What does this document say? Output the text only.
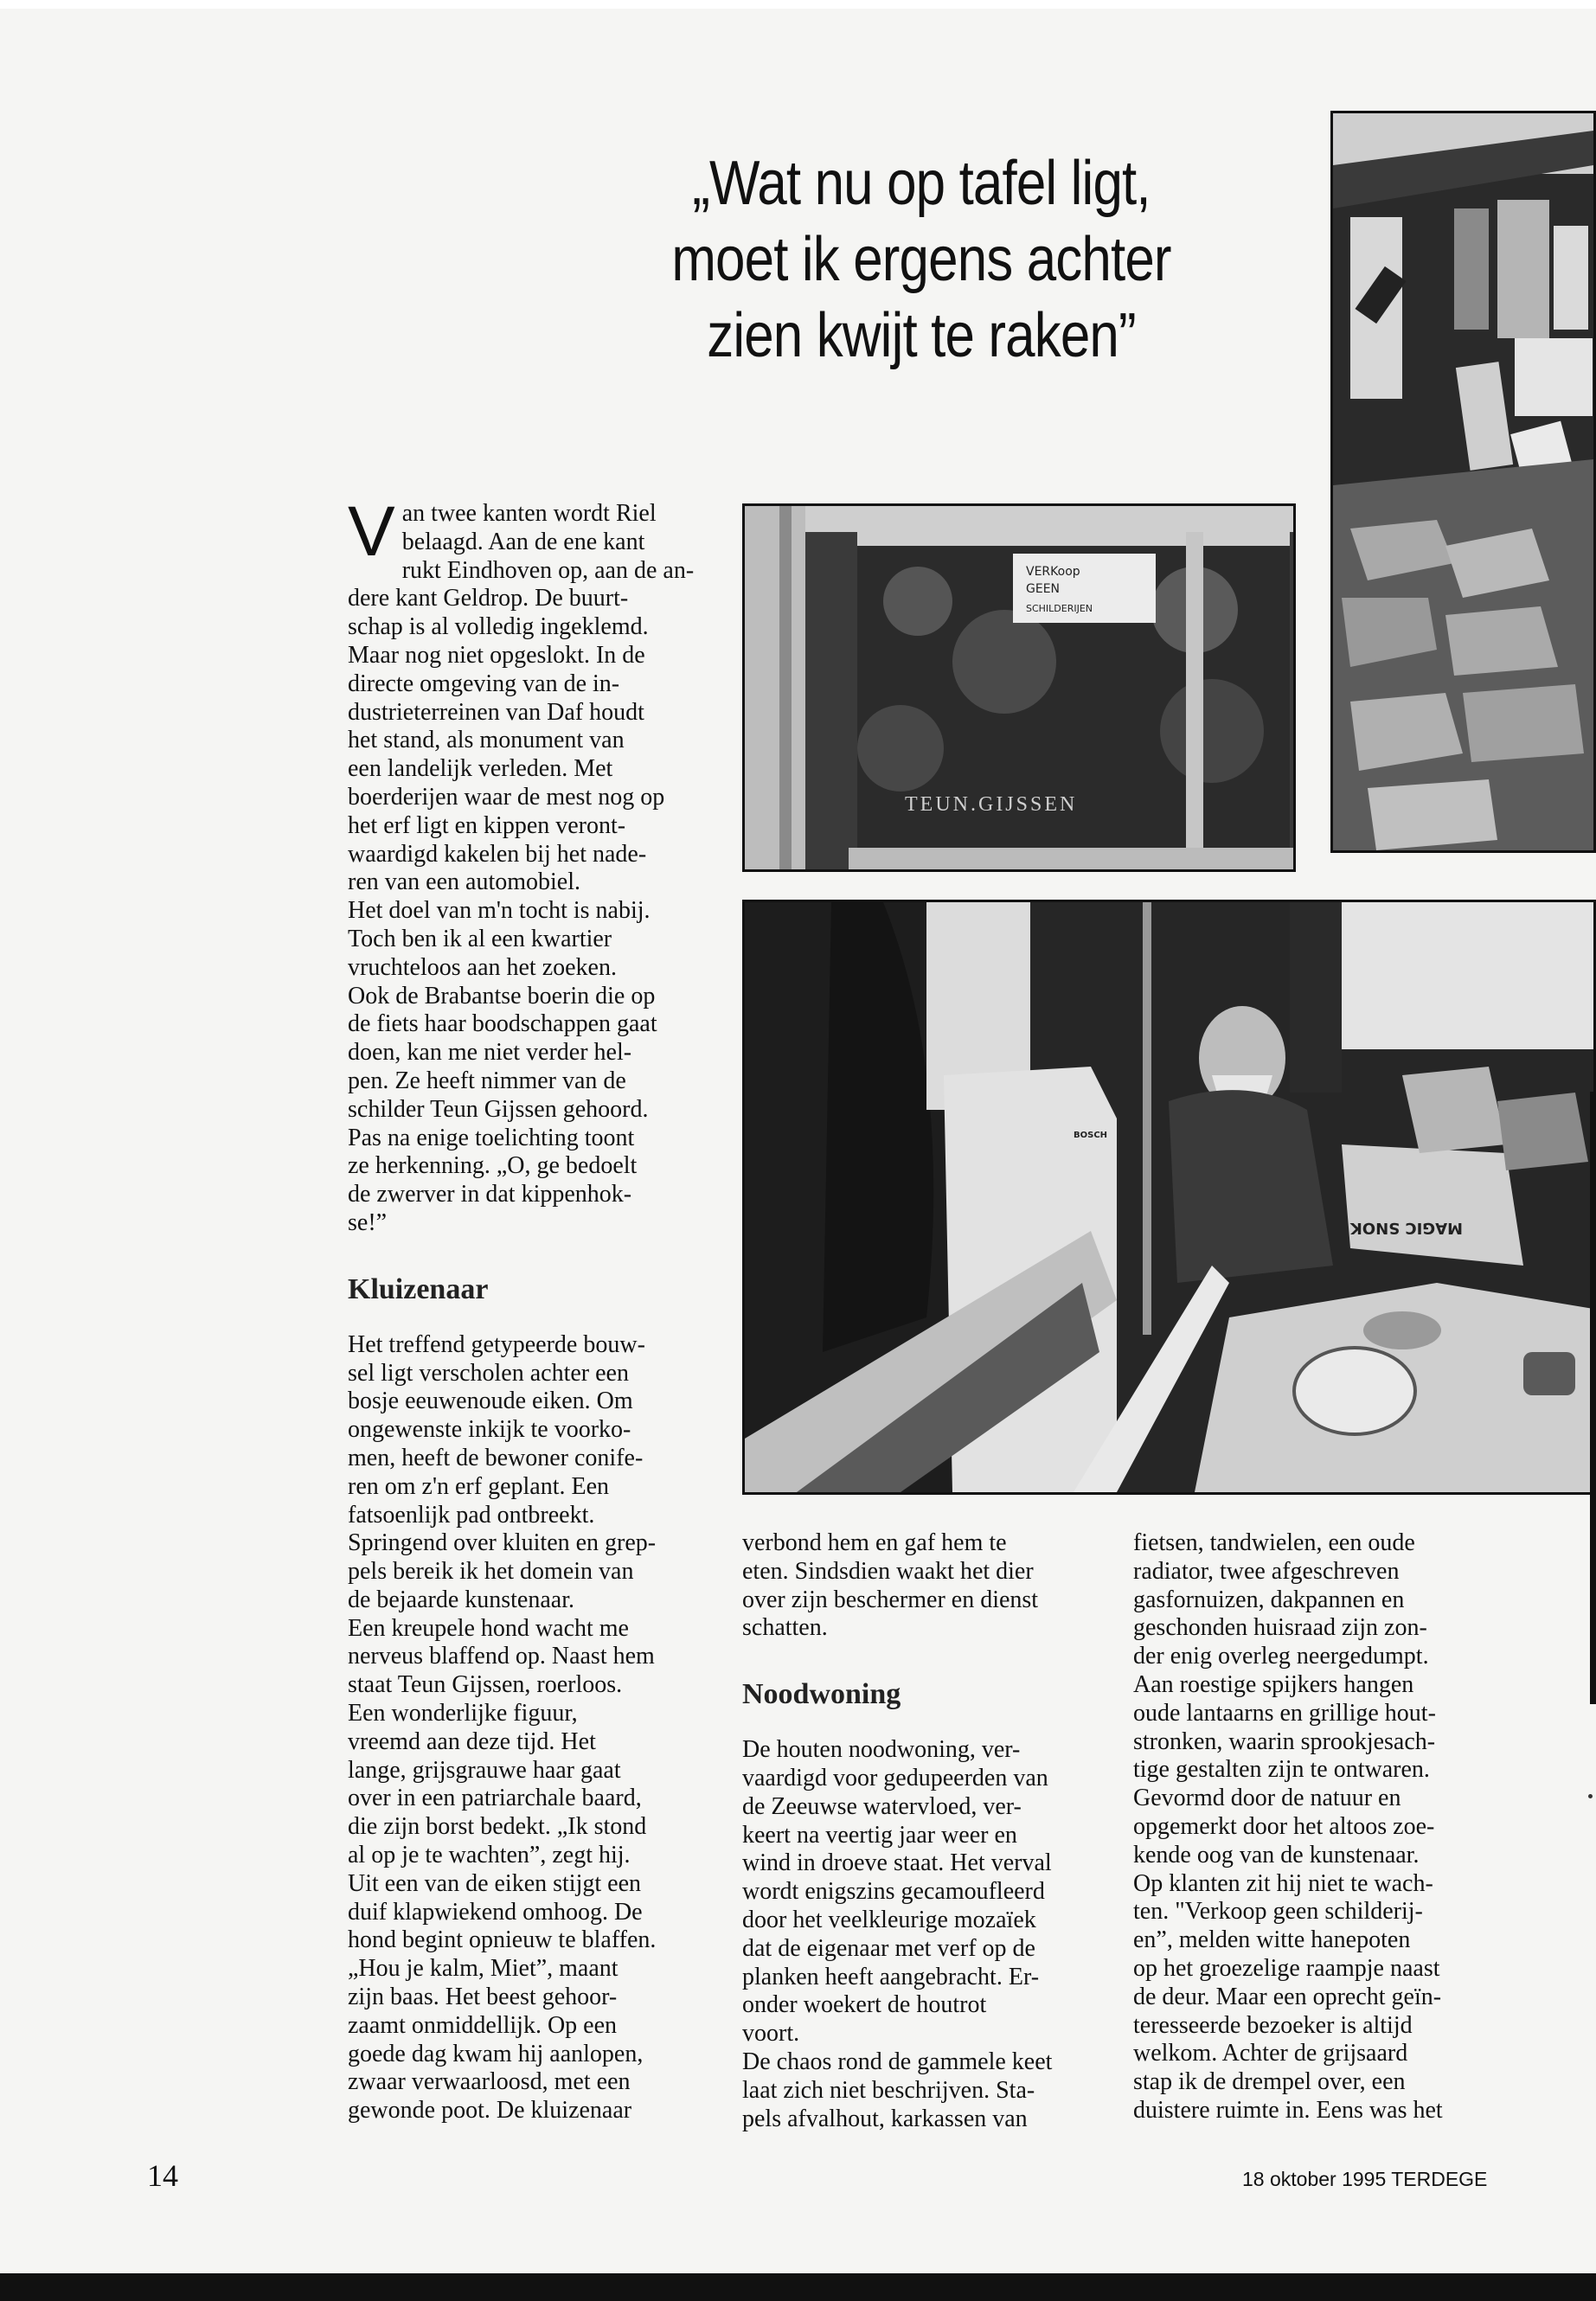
„Wat nu op tafel ligt,
moet ik ergens achter
zien kwijt te raken”
VERKoop
GEEN
SCHILDERIJEN
TEUN.GIJSSEN
BOSCH
MAGIC SNOK
V an twee kanten wordt Riel
belaagd. Aan de ene kant
rukt Eindhoven op, aan de an-
dere kant Geldrop. De buurt-
schap is al volledig ingeklemd.
Maar nog niet opgeslokt. In de
directe omgeving van de in-
dustrieterreinen van Daf houdt
het stand, als monument van
een landelijk verleden. Met
boerderijen waar de mest nog op
het erf ligt en kippen veront-
waardigd kakelen bij het nade-
ren van een automobiel.
Het doel van m'n tocht is nabij.
Toch ben ik al een kwartier
vruchteloos aan het zoeken.
Ook de Brabantse boerin die op
de fiets haar boodschappen gaat
doen, kan me niet verder hel-
pen. Ze heeft nimmer van de
schilder Teun Gijssen gehoord.
Pas na enige toelichting toont
ze herkenning. „O, ge bedoelt
de zwerver in dat kippenhok-
se!”
Kluizenaar
Het treffend getypeerde bouw-
sel ligt verscholen achter een
bosje eeuwenoude eiken. Om
ongewenste inkijk te voorko-
men, heeft de bewoner conife-
ren om z'n erf geplant. Een
fatsoenlijk pad ontbreekt.
Springend over kluiten en grep-
pels bereik ik het domein van
de bejaarde kunstenaar.
Een kreupele hond wacht me
nerveus blaffend op. Naast hem
staat Teun Gijssen, roerloos.
Een wonderlijke figuur,
vreemd aan deze tijd. Het
lange, grijsgrauwe haar gaat
over in een patriarchale baard,
die zijn borst bedekt. „Ik stond
al op je te wachten”, zegt hij.
Uit een van de eiken stijgt een
duif klapwiekend omhoog. De
hond begint opnieuw te blaffen.
„Hou je kalm, Miet”, maant
zijn baas. Het beest gehoor-
zaamt onmiddellijk. Op een
goede dag kwam hij aanlopen,
zwaar verwaarloosd, met een
gewonde poot. De kluizenaar
verbond hem en gaf hem te
eten. Sindsdien waakt het dier
over zijn beschermer en dienst
schatten.
Noodwoning
De houten noodwoning, ver-
vaardigd voor gedupeerden van
de Zeeuwse watervloed, ver-
keert na veertig jaar weer en
wind in droeve staat. Het verval
wordt enigszins gecamoufleerd
door het veelkleurige mozaïek
dat de eigenaar met verf op de
planken heeft aangebracht. Er-
onder woekert de houtrot
voort.
De chaos rond de gammele keet
laat zich niet beschrijven. Sta-
pels afvalhout, karkassen van
fietsen, tandwielen, een oude
radiator, twee afgeschreven
gasfornuizen, dakpannen en
geschonden huisraad zijn zon-
der enig overleg neergedumpt.
Aan roestige spijkers hangen
oude lantaarns en grillige hout-
stronken, waarin sprookjesach-
tige gestalten zijn te ontwaren.
Gevormd door de natuur en
opgemerkt door het altoos zoe-
kende oog van de kunstenaar.
Op klanten zit hij niet te wach-
ten. "Verkoop geen schilderij-
en”, melden witte hanepoten
op het groezelige raampje naast
de deur. Maar een oprecht geïn-
teresseerde bezoeker is altijd
welkom. Achter de grijsaard
stap ik de drempel over, een
duistere ruimte in. Eens was het
14	18 oktober 1995 TERDEGE
